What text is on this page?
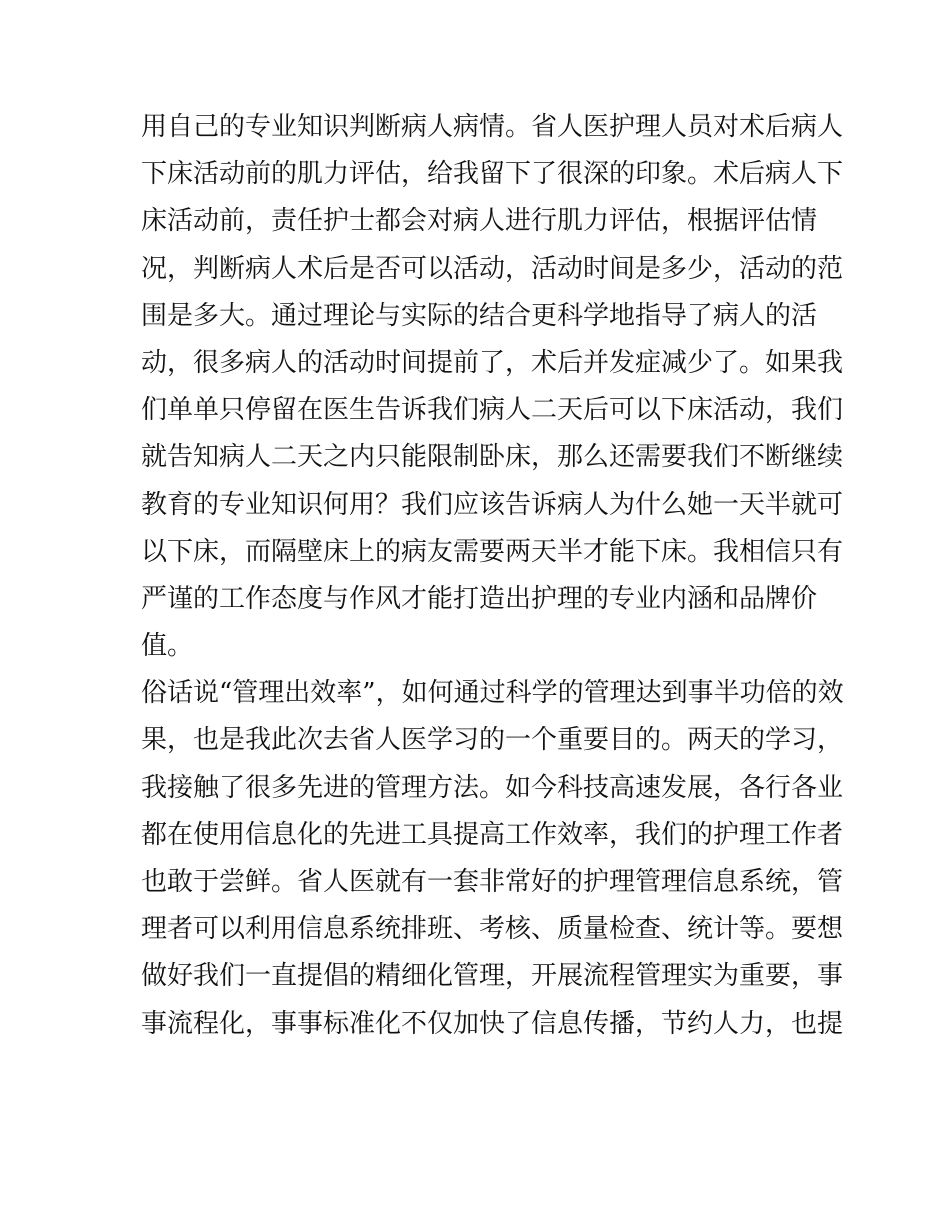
用自己的专业知识判断病人病情。省人医护理人员对术后病人
下床活动前的肌力评估，给我留下了很深的印象。术后病人下
床活动前，责任护士都会对病人进行肌力评估，根据评估情
况，判断病人术后是否可以活动，活动时间是多少，活动的范
围是多大。通过理论与实际的结合更科学地指导了病人的活
动，很多病人的活动时间提前了，术后并发症减少了。如果我
们单单只停留在医生告诉我们病人二天后可以下床活动，我们
就告知病人二天之内只能限制卧床，那么还需要我们不断继续
教育的专业知识何用？我们应该告诉病人为什么她一天半就可
以下床，而隔壁床上的病友需要两天半才能下床。我相信只有
严谨的工作态度与作风才能打造出护理的专业内涵和品牌价
值。
俗话说“管理出效率”，如何通过科学的管理达到事半功倍的效
果，也是我此次去省人医学习的一个重要目的。两天的学习，
我接触了很多先进的管理方法。如今科技高速发展，各行各业
都在使用信息化的先进工具提高工作效率，我们的护理工作者
也敢于尝鲜。省人医就有一套非常好的护理管理信息系统，管
理者可以利用信息系统排班、考核、质量检查、统计等。要想
做好我们一直提倡的精细化管理，开展流程管理实为重要，事
事流程化，事事标准化不仅加快了信息传播，节约人力，也提
